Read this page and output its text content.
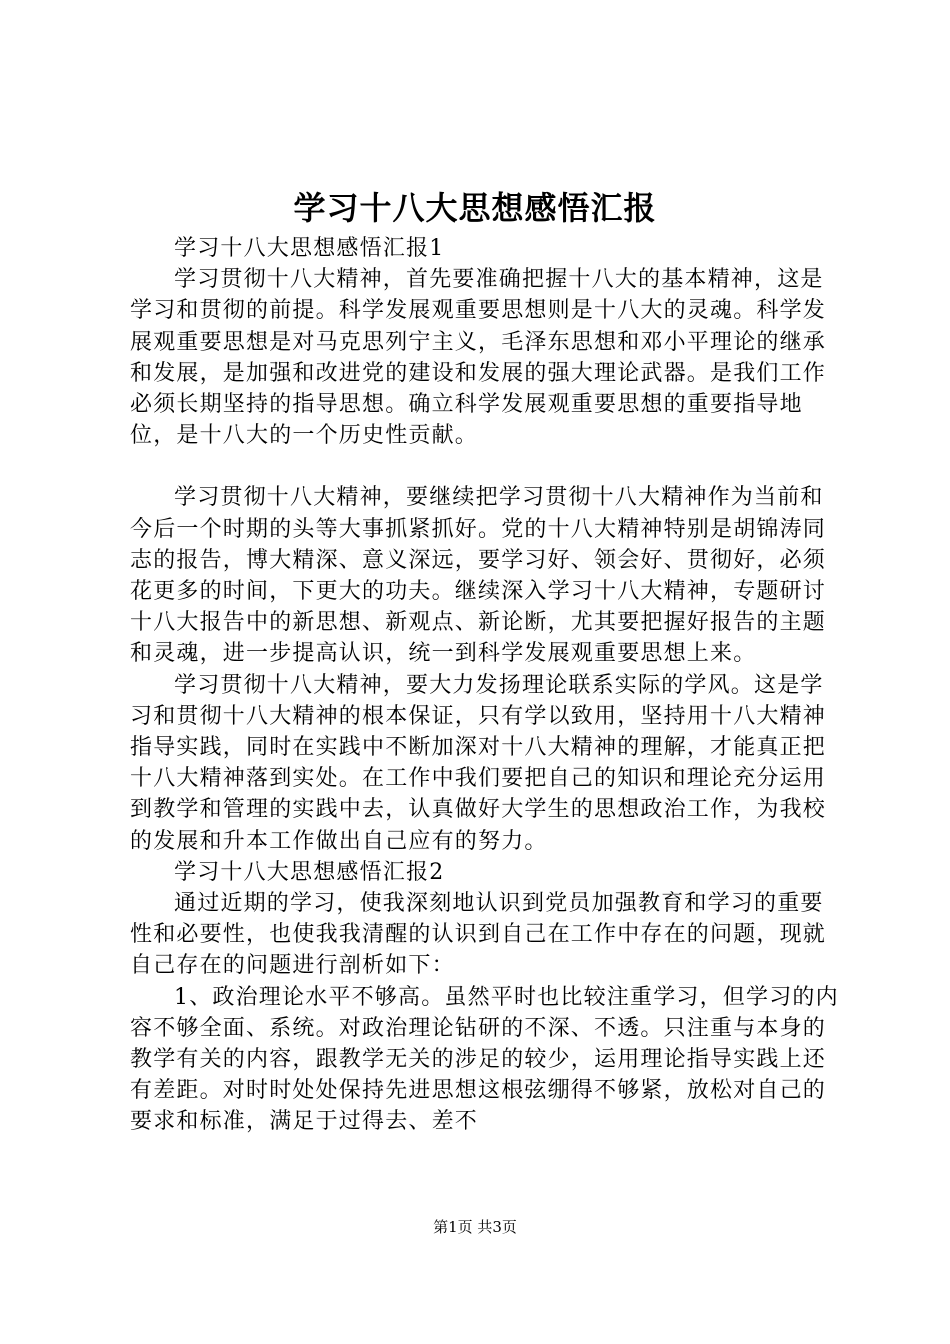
学习十八大思想感悟汇报

学习十八大思想感悟汇报1

学习贯彻十八大精神，首先要准确把握十八大的基本精神，这是学习和贯彻的前提。科学发展观重要思想则是十八大的灵魂。科学发展观重要思想是对马克思列宁主义，毛泽东思想和邓小平理论的继承和发展，是加强和改进党的建设和发展的强大理论武器。是我们工作必须长期坚持的指导思想。确立科学发展观重要思想的重要指导地位，是十八大的一个历史性贡献。

学习贯彻十八大精神，要继续把学习贯彻十八大精神作为当前和今后一个时期的头等大事抓紧抓好。党的十八大精神特别是胡锦涛同志的报告，博大精深、意义深远，要学习好、领会好、贯彻好，必须花更多的时间，下更大的功夫。继续深入学习十八大精神，专题研讨十八大报告中的新思想、新观点、新论断，尤其要把握好报告的主题和灵魂，进一步提高认识，统一到科学发展观重要思想上来。

学习贯彻十八大精神，要大力发扬理论联系实际的学风。这是学习和贯彻十八大精神的根本保证，只有学以致用，坚持用十八大精神指导实践，同时在实践中不断加深对十八大精神的理解，才能真正把十八大精神落到实处。在工作中我们要把自己的知识和理论充分运用到教学和管理的实践中去，认真做好大学生的思想政治工作，为我校的发展和升本工作做出自己应有的努力。

学习十八大思想感悟汇报2

通过近期的学习，使我深刻地认识到党员加强教育和学习的重要性和必要性，也使我我清醒的认识到自己在工作中存在的问题，现就自己存在的问题进行剖析如下：

1、政治理论水平不够高。虽然平时也比较注重学习，但学习的内容不够全面、系统。对政治理论钻研的不深、不透。只注重与本身的教学有关的内容，跟教学无关的涉足的较少，运用理论指导实践上还有差距。对时时处处保持先进思想这根弦绷得不够紧，放松对自己的要求和标准，满足于过得去、差不

第1页 共3页
